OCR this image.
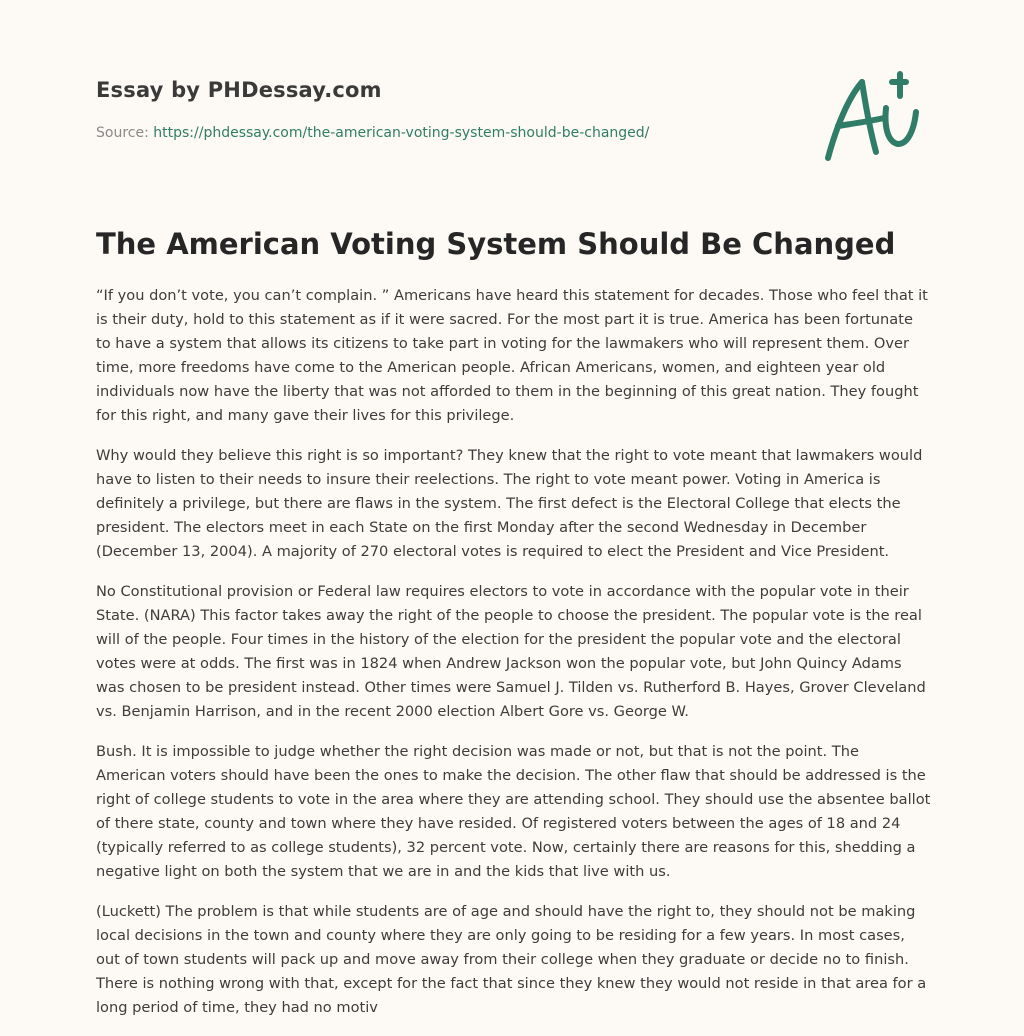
Essay by PHDessay.com

Source: https://phdessay.com/the-american-voting-system-should-be-changed/
The American Voting System Should Be Changed

“If you don’t vote, you can’t complain. ” Americans have heard this statement for decades. Those who feel that it is their duty, hold to this statement as if it were sacred. For the most part it is true. America has been fortunate to have a system that allows its citizens to take part in voting for the lawmakers who will represent them. Over time, more freedoms have come to the American people. African Americans, women, and eighteen year old individuals now have the liberty that was not afforded to them in the beginning of this great nation. They fought for this right, and many gave their lives for this privilege.

Why would they believe this right is so important? They knew that the right to vote meant that lawmakers would have to listen to their needs to insure their reelections. The right to vote meant power. Voting in America is definitely a privilege, but there are flaws in the system. The first defect is the Electoral College that elects the president. The electors meet in each State on the first Monday after the second Wednesday in December (December 13, 2004). A majority of 270 electoral votes is required to elect the President and Vice President.

No Constitutional provision or Federal law requires electors to vote in accordance with the popular vote in their State. (NARA) This factor takes away the right of the people to choose the president. The popular vote is the real will of the people. Four times in the history of the election for the president the popular vote and the electoral votes were at odds. The first was in 1824 when Andrew Jackson won the popular vote, but John Quincy Adams was chosen to be president instead. Other times were Samuel J. Tilden vs. Rutherford B. Hayes, Grover Cleveland vs. Benjamin Harrison, and in the recent 2000 election Albert Gore vs. George W.

Bush. It is impossible to judge whether the right decision was made or not, but that is not the point. The American voters should have been the ones to make the decision. The other flaw that should be addressed is the right of college students to vote in the area where they are attending school. They should use the absentee ballot of there state, county and town where they have resided. Of registered voters between the ages of 18 and 24 (typically referred to as college students), 32 percent vote. Now, certainly there are reasons for this, shedding a negative light on both the system that we are in and the kids that live with us.

(Luckett) The problem is that while students are of age and should have the right to, they should not be making local decisions in the town and county where they are only going to be residing for a few years. In most cases, out of town students will pack up and move away from their college when they graduate or decide no to finish. There is nothing wrong with that, except for the fact that since they knew they would not reside in that area for a long period of time, they had no motiv
